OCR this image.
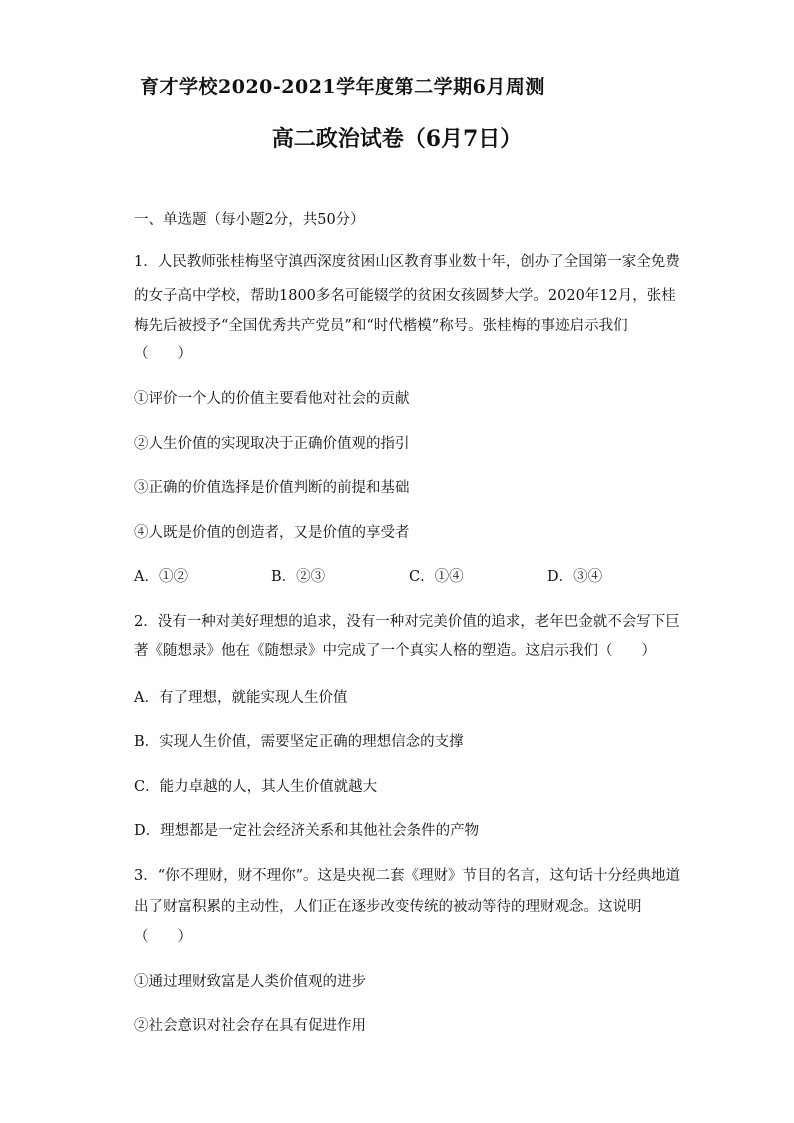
育才学校2020-2021学年度第二学期6月周测
高二政治试卷（6月7日）
一、单选题（每小题2分，共50分）
1．人民教师张桂梅坚守滇西深度贫困山区教育事业数十年，创办了全国第一家全免费
的女子高中学校，帮助1800多名可能辍学的贫困女孩圆梦大学。2020年12月，张桂
梅先后被授予“全国优秀共产党员”和“时代楷模”称号。张桂梅的事迹启示我们
（　　）
①评价一个人的价值主要看他对社会的贡献
②人生价值的实现取决于正确价值观的指引
③正确的价值选择是价值判断的前提和基础
④人既是价值的创造者，又是价值的享受者
A．①②	B．②③	C．①④	D．③④
2．没有一种对美好理想的追求，没有一种对完美价值的追求，老年巴金就不会写下巨
著《随想录》他在《随想录》中完成了一个真实人格的塑造。这启示我们（　　）
A．有了理想，就能实现人生价值
B．实现人生价值，需要坚定正确的理想信念的支撑
C．能力卓越的人，其人生价值就越大
D．理想都是一定社会经济关系和其他社会条件的产物
3．“你不理财，财不理你”。这是央视二套《理财》节目的名言，这句话十分经典地道
出了财富积累的主动性，人们正在逐步改变传统的被动等待的理财观念。这说明
（　　）
①通过理财致富是人类价值观的进步
②社会意识对社会存在具有促进作用
